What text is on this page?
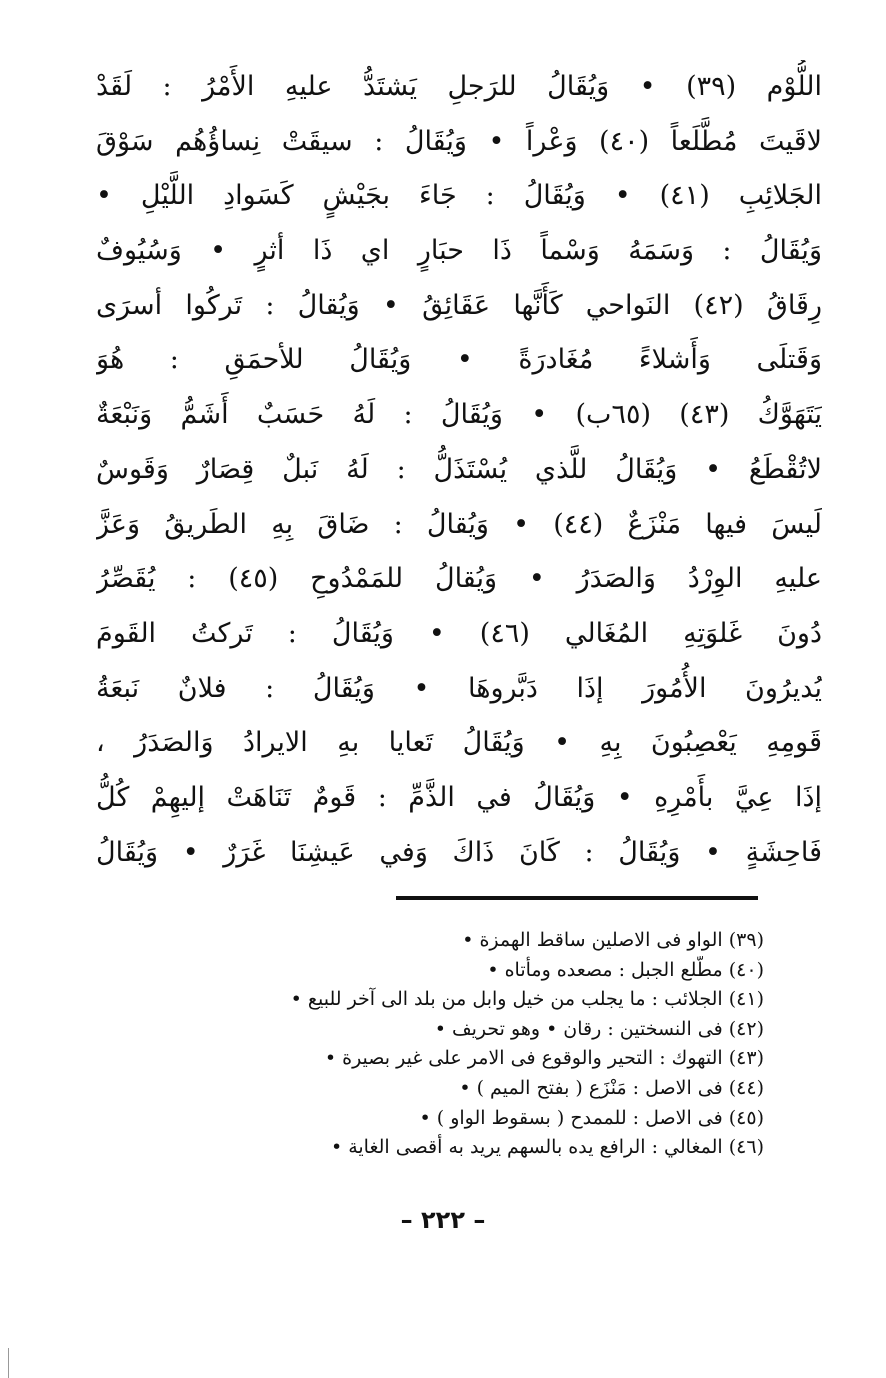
اللُّوْم (٣٩) • وَيُقَالُ للرَجلِ يَشتَدُّ عليهِ الأَمْرُ : لَقَدْ
لاقَيتَ مُطَّلَعاً (٤٠) وَعْراً • وَيُقَالُ : سيقَتْ نِساؤُهُم سَوْقَ
الجَلائِبِ (٤١) • وَيُقَالُ : جَاءَ بجَيْشٍ كَسَوادِ اللَّيْلِ •
وَيُقَالُ : وَسَمَهُ وَسْماً ذَا حبَارٍ اي ذَا أثرٍ • وَسُيُوفٌ
رِقَاقُ (٤٢) النَواحي كَأَنَّها عَقَائِقُ • وَيُقالُ : تَركُوا أسرَى
وَقَتلَى وَأَشلاءً مُغَادرَةً • وَيُقَالُ للأحمَقِ : هُوَ
يَتَهَوَّكُ (٤٣) (٦٥ب) • وَيُقَالُ : لَهُ حَسَبٌ أَشَمُّ وَنَبْعَةٌ
لاتُقْطَعُ • وَيُقَالُ للَّذي يُسْتَذَلُّ : لَهُ نَبلٌ قِصَارٌ وَقَوسٌ
لَيسَ فيها مَنْزَعٌ (٤٤) • وَيُقالُ : ضَاقَ بِهِ الطَريقُ وَعَزَّ
عليهِ الوِرْدُ وَالصَدَرُ • وَيُقالُ للمَمْدُوحِ (٤٥) : يُقَصِّرُ
دُونَ غَلوَتِهِ المُغَالي (٤٦) • وَيُقَالُ : تَركتُ القَومَ
يُديرُونَ الأُمُورَ إذَا دَبَّروهَا • وَيُقَالُ : فلانٌ نَبعَةُ
قَومِهِ يَعْصِبُونَ بِهِ • وَيُقَالُ تَعايا بهِ الايرادُ وَالصَدَرُ ،
إذَا عِيَّ بأَمْرِهِ • وَيُقَالُ في الذَّمِّ : قَومٌ تَنَاهَتْ إليهِمْ كُلُّ
فَاحِشَةٍ • وَيُقَالُ : كَانَ ذَاكَ وَفي عَيشِنَا غَرَرٌ • وَيُقَالُ
(٣٩) الواو فى الاصلين ساقط الهمزة •
(٤٠) مطّلع الجبل : مصعده ومأتاه •
(٤١) الجلائب : ما يجلب من خيل وابل من بلد الى آخر للبيع •
(٤٢) فى النسختين : رقان • وهو تحريف •
(٤٣) التهوك : التحير والوقوع فى الامر على غير بصيرة •
(٤٤) فى الاصل : مَنْزَع ( بفتح الميم ) •
(٤٥) فى الاصل : للممدح ( بسقوط الواو ) •
(٤٦) المغالي : الرافع يده بالسهم يريد به أقصى الغاية •
– ٢٢٢ –
